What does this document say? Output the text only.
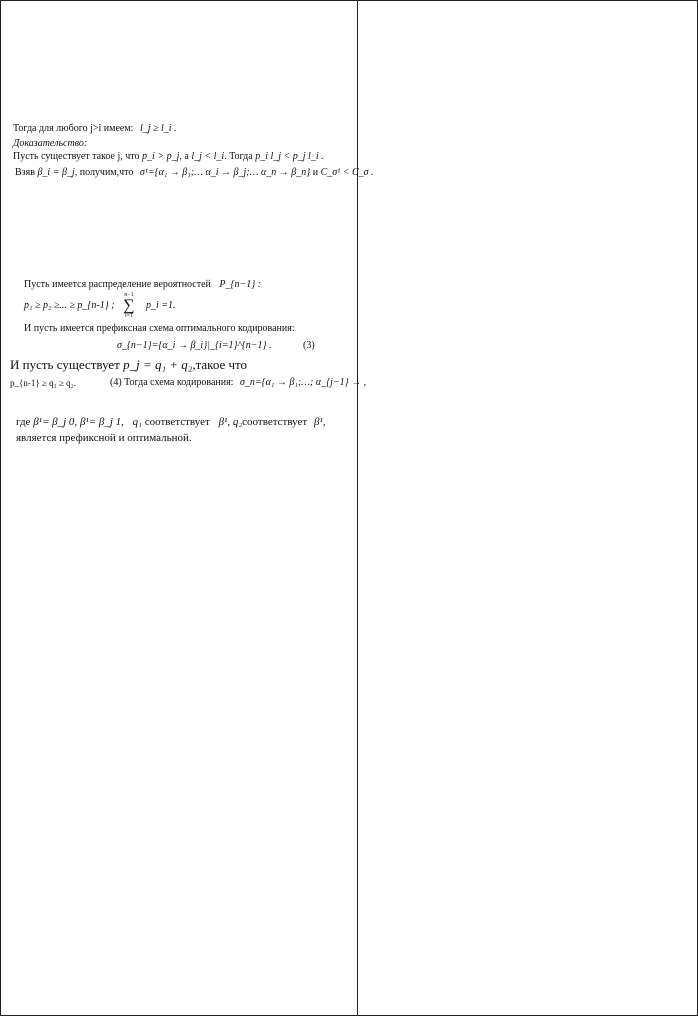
Тогда для любого j>i имеем: l_j ≥ l_i .
Доказательство:
Пусть существует такое j, что p_i > p_j, а l_j < l_i. Тогда p_i l_j < p_j l_i .
Взяв β_i = β_j, получим,что σ¹={α₁ → β₁;… α_i → β_j;… α_n → β_n} и C_σ¹ < C_σ .
Пусть имеется распределение вероятностей P_{n−1} :
p₁ ≥ p₂ ≥... ≥ p_{n-1} ;
n−1
∑
i=1
p_i =1.
И пусть имеется префиксная схема оптимального кодирования:
σ_{n−1}={α_i → β_i}|_{i=1}^{n−1} .	(3)
И пусть существует p_j = q₁ + q₂,такое что
p_{n-1} ≥ q₁ ≥ q₂.	(4) Тогда схема кодирования: σ_n={α₁ → β₁;…; α_{j−1} → ,
где β¹= β_j 0, β¹= β_j 1, q₁ соответствует β¹, q₂соответствует β¹,
является префиксной и оптимальной.
